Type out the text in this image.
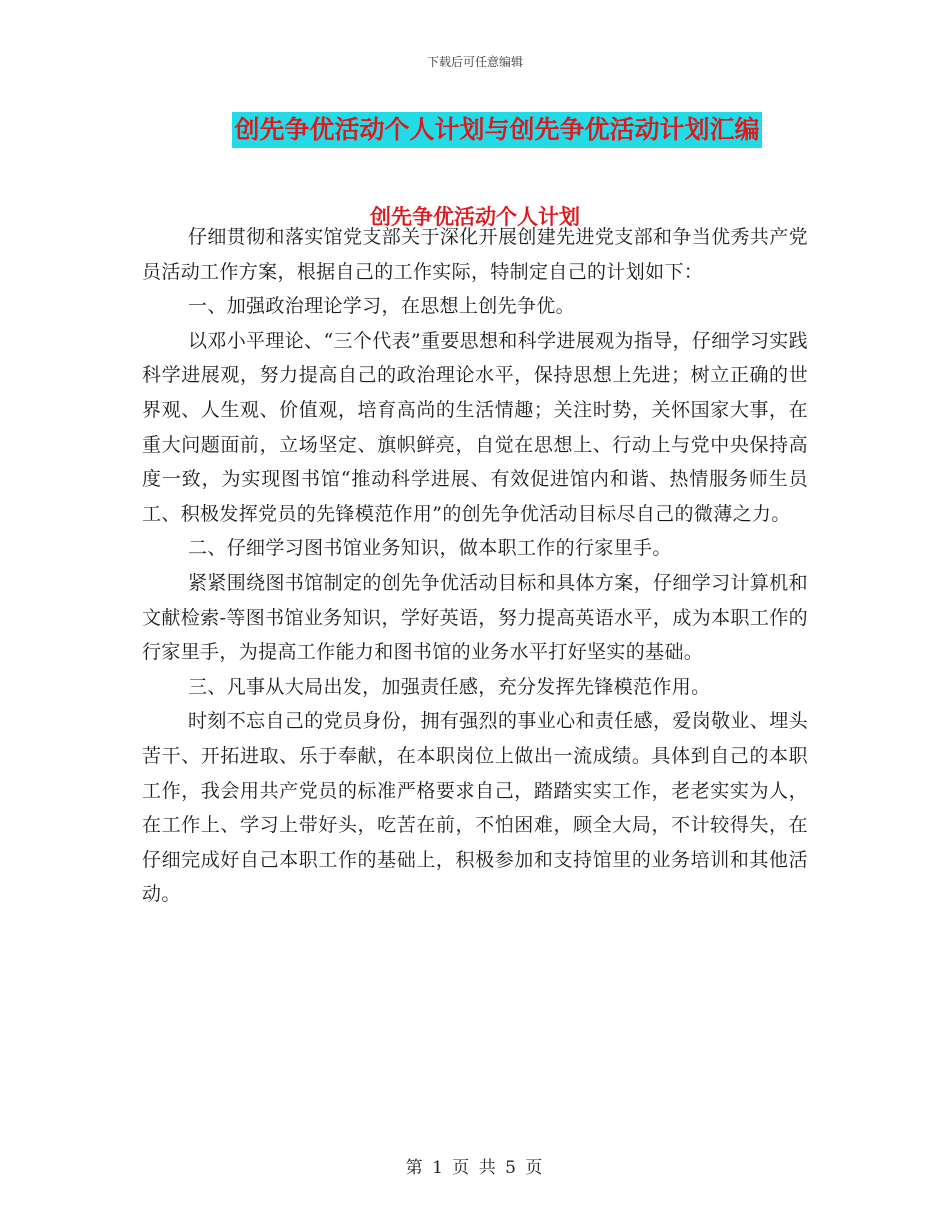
下载后可任意编辑
创先争优活动个人计划与创先争优活动计划汇编
创先争优活动个人计划

仔细贯彻和落实馆党支部关于深化开展创建先进党支部和争当优秀共产党员活动工作方案，根据自己的工作实际，特制定自己的计划如下：

一、加强政治理论学习，在思想上创先争优。

以邓小平理论、“三个代表”重要思想和科学进展观为指导，仔细学习实践科学进展观，努力提高自己的政治理论水平，保持思想上先进；树立正确的世界观、人生观、价值观，培育高尚的生活情趣；关注时势，关怀国家大事，在重大问题面前，立场坚定、旗帜鲜亮，自觉在思想上、行动上与党中央保持高度一致，为实现图书馆“推动科学进展、有效促进馆内和谐、热情服务师生员工、积极发挥党员的先锋模范作用”的创先争优活动目标尽自己的微薄之力。

二、仔细学习图书馆业务知识，做本职工作的行家里手。

紧紧围绕图书馆制定的创先争优活动目标和具体方案，仔细学习计算机和文献检索-等图书馆业务知识，学好英语，努力提高英语水平，成为本职工作的行家里手，为提高工作能力和图书馆的业务水平打好坚实的基础。

三、凡事从大局出发，加强责任感，充分发挥先锋模范作用。

时刻不忘自己的党员身份，拥有强烈的事业心和责任感，爱岗敬业、埋头苦干、开拓进取、乐于奉献，在本职岗位上做出一流成绩。具体到自己的本职工作，我会用共产党员的标准严格要求自己，踏踏实实工作，老老实实为人，在工作上、学习上带好头，吃苦在前，不怕困难，顾全大局，不计较得失，在仔细完成好自己本职工作的基础上，积极参加和支持馆里的业务培训和其他活动。

第 1 页 共 5 页
